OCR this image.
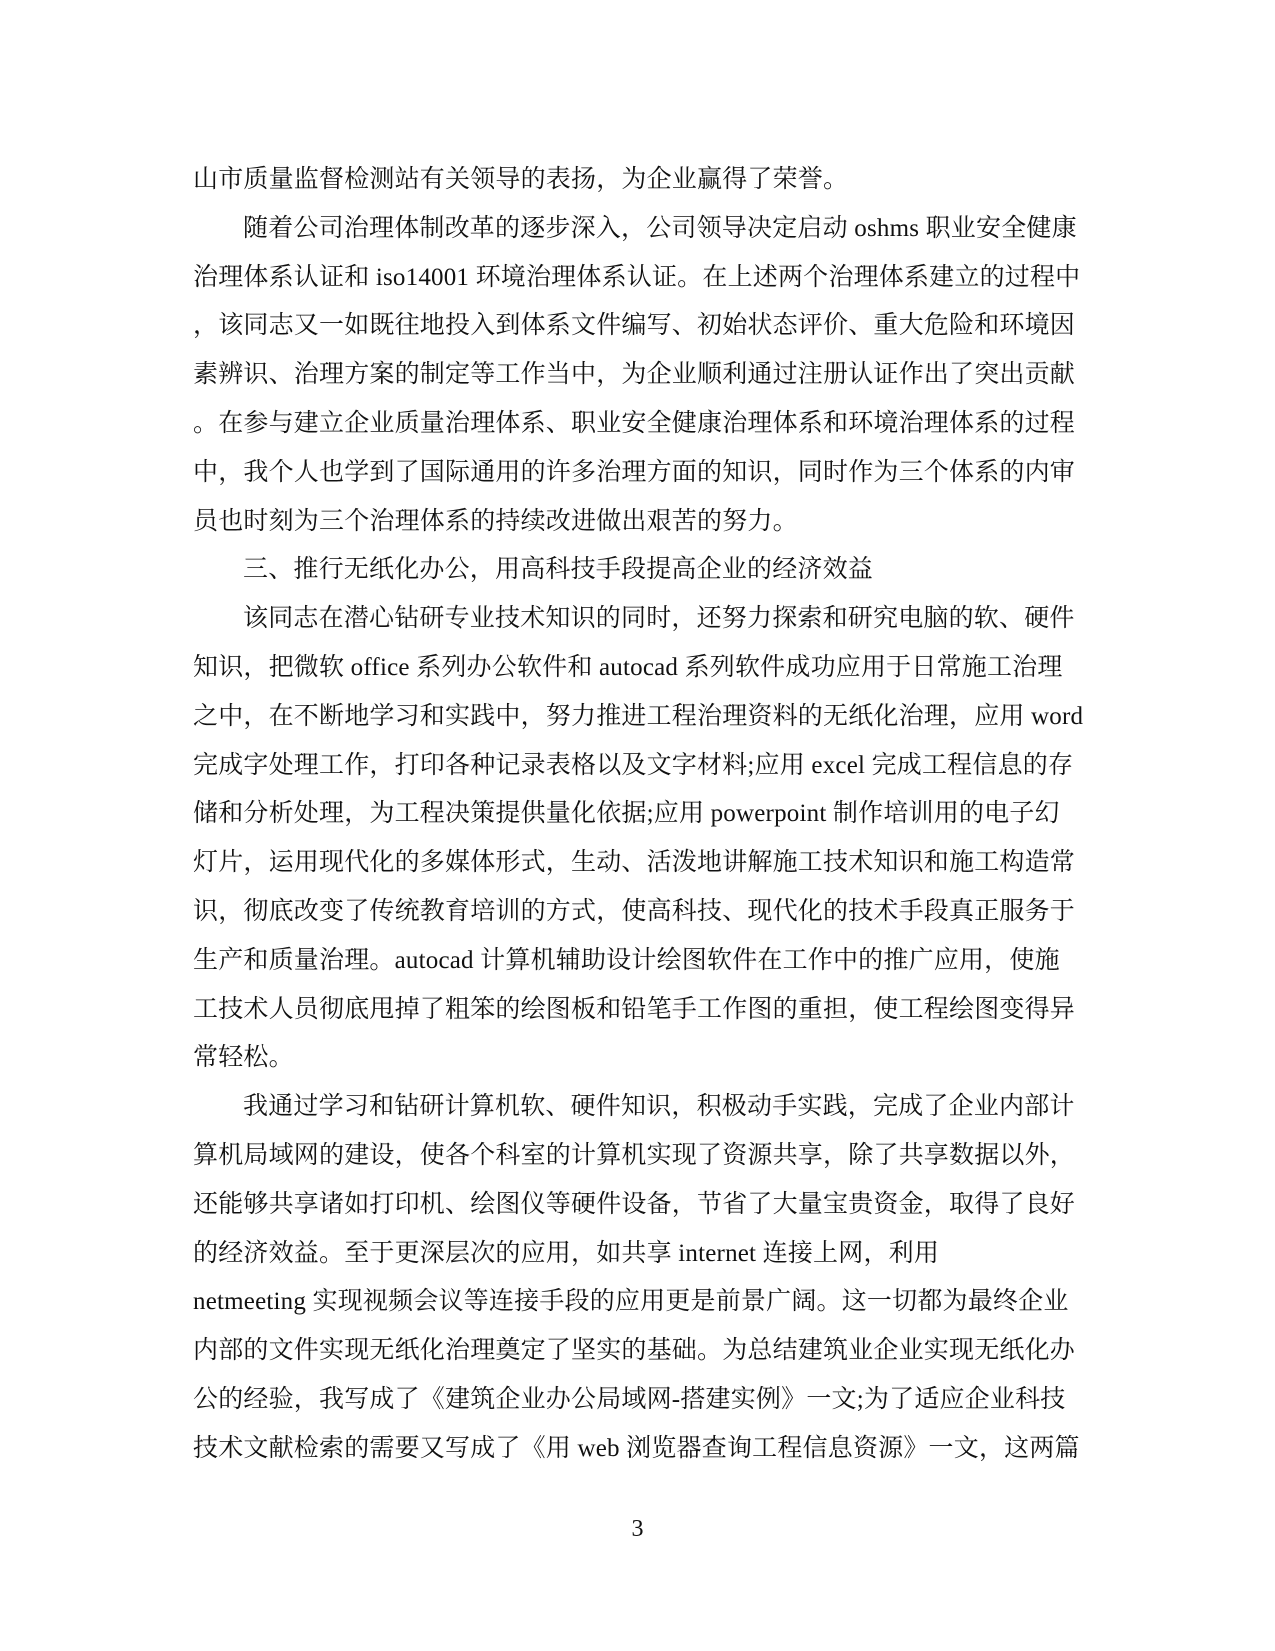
山市质量监督检测站有关领导的表扬，为企业赢得了荣誉。
随着公司治理体制改革的逐步深入，公司领导决定启动 oshms 职业安全健康
治理体系认证和 iso14001 环境治理体系认证。在上述两个治理体系建立的过程中
，该同志又一如既往地投入到体系文件编写、初始状态评价、重大危险和环境因
素辨识、治理方案的制定等工作当中，为企业顺利通过注册认证作出了突出贡献
。在参与建立企业质量治理体系、职业安全健康治理体系和环境治理体系的过程
中，我个人也学到了国际通用的许多治理方面的知识，同时作为三个体系的内审
员也时刻为三个治理体系的持续改进做出艰苦的努力。
三、推行无纸化办公，用高科技手段提高企业的经济效益
该同志在潜心钻研专业技术知识的同时，还努力探索和研究电脑的软、硬件
知识，把微软 office 系列办公软件和 autocad 系列软件成功应用于日常施工治理
之中，在不断地学习和实践中，努力推进工程治理资料的无纸化治理，应用 word
完成字处理工作，打印各种记录表格以及文字材料;应用 excel 完成工程信息的存
储和分析处理，为工程决策提供量化依据;应用 powerpoint 制作培训用的电子幻
灯片，运用现代化的多媒体形式，生动、活泼地讲解施工技术知识和施工构造常
识，彻底改变了传统教育培训的方式，使高科技、现代化的技术手段真正服务于
生产和质量治理。autocad 计算机辅助设计绘图软件在工作中的推广应用，使施
工技术人员彻底甩掉了粗笨的绘图板和铅笔手工作图的重担，使工程绘图变得异
常轻松。
我通过学习和钻研计算机软、硬件知识，积极动手实践，完成了企业内部计
算机局域网的建设，使各个科室的计算机实现了资源共享，除了共享数据以外，
还能够共享诸如打印机、绘图仪等硬件设备，节省了大量宝贵资金，取得了良好
的经济效益。至于更深层次的应用，如共享 internet 连接上网，利用
netmeeting 实现视频会议等连接手段的应用更是前景广阔。这一切都为最终企业
内部的文件实现无纸化治理奠定了坚实的基础。为总结建筑业企业实现无纸化办
公的经验，我写成了《建筑企业办公局域网-搭建实例》一文;为了适应企业科技
技术文献检索的需要又写成了《用 web 浏览器查询工程信息资源》一文，这两篇
3
